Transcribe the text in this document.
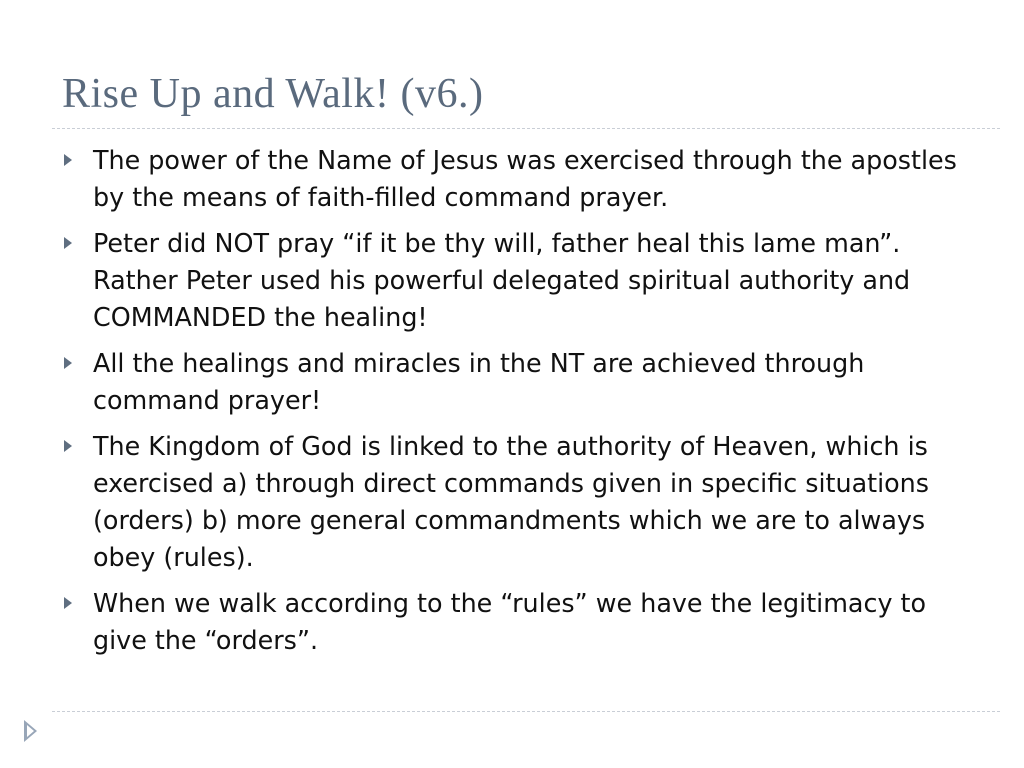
Rise Up and Walk! (v6.)
The power of the Name of Jesus was exercised through the apostles by the means of faith-filled command prayer.
Peter did NOT pray “if it be thy will, father heal this lame man”. Rather Peter used his powerful delegated spiritual authority and COMMANDED the healing!
All the healings and miracles in the NT are achieved through command prayer!
The Kingdom of God is linked to the authority of Heaven, which is exercised a) through direct commands given in specific situations (orders) b) more general commandments which we are to always obey (rules).
When we walk according to the “rules” we have the legitimacy to give the “orders”.
